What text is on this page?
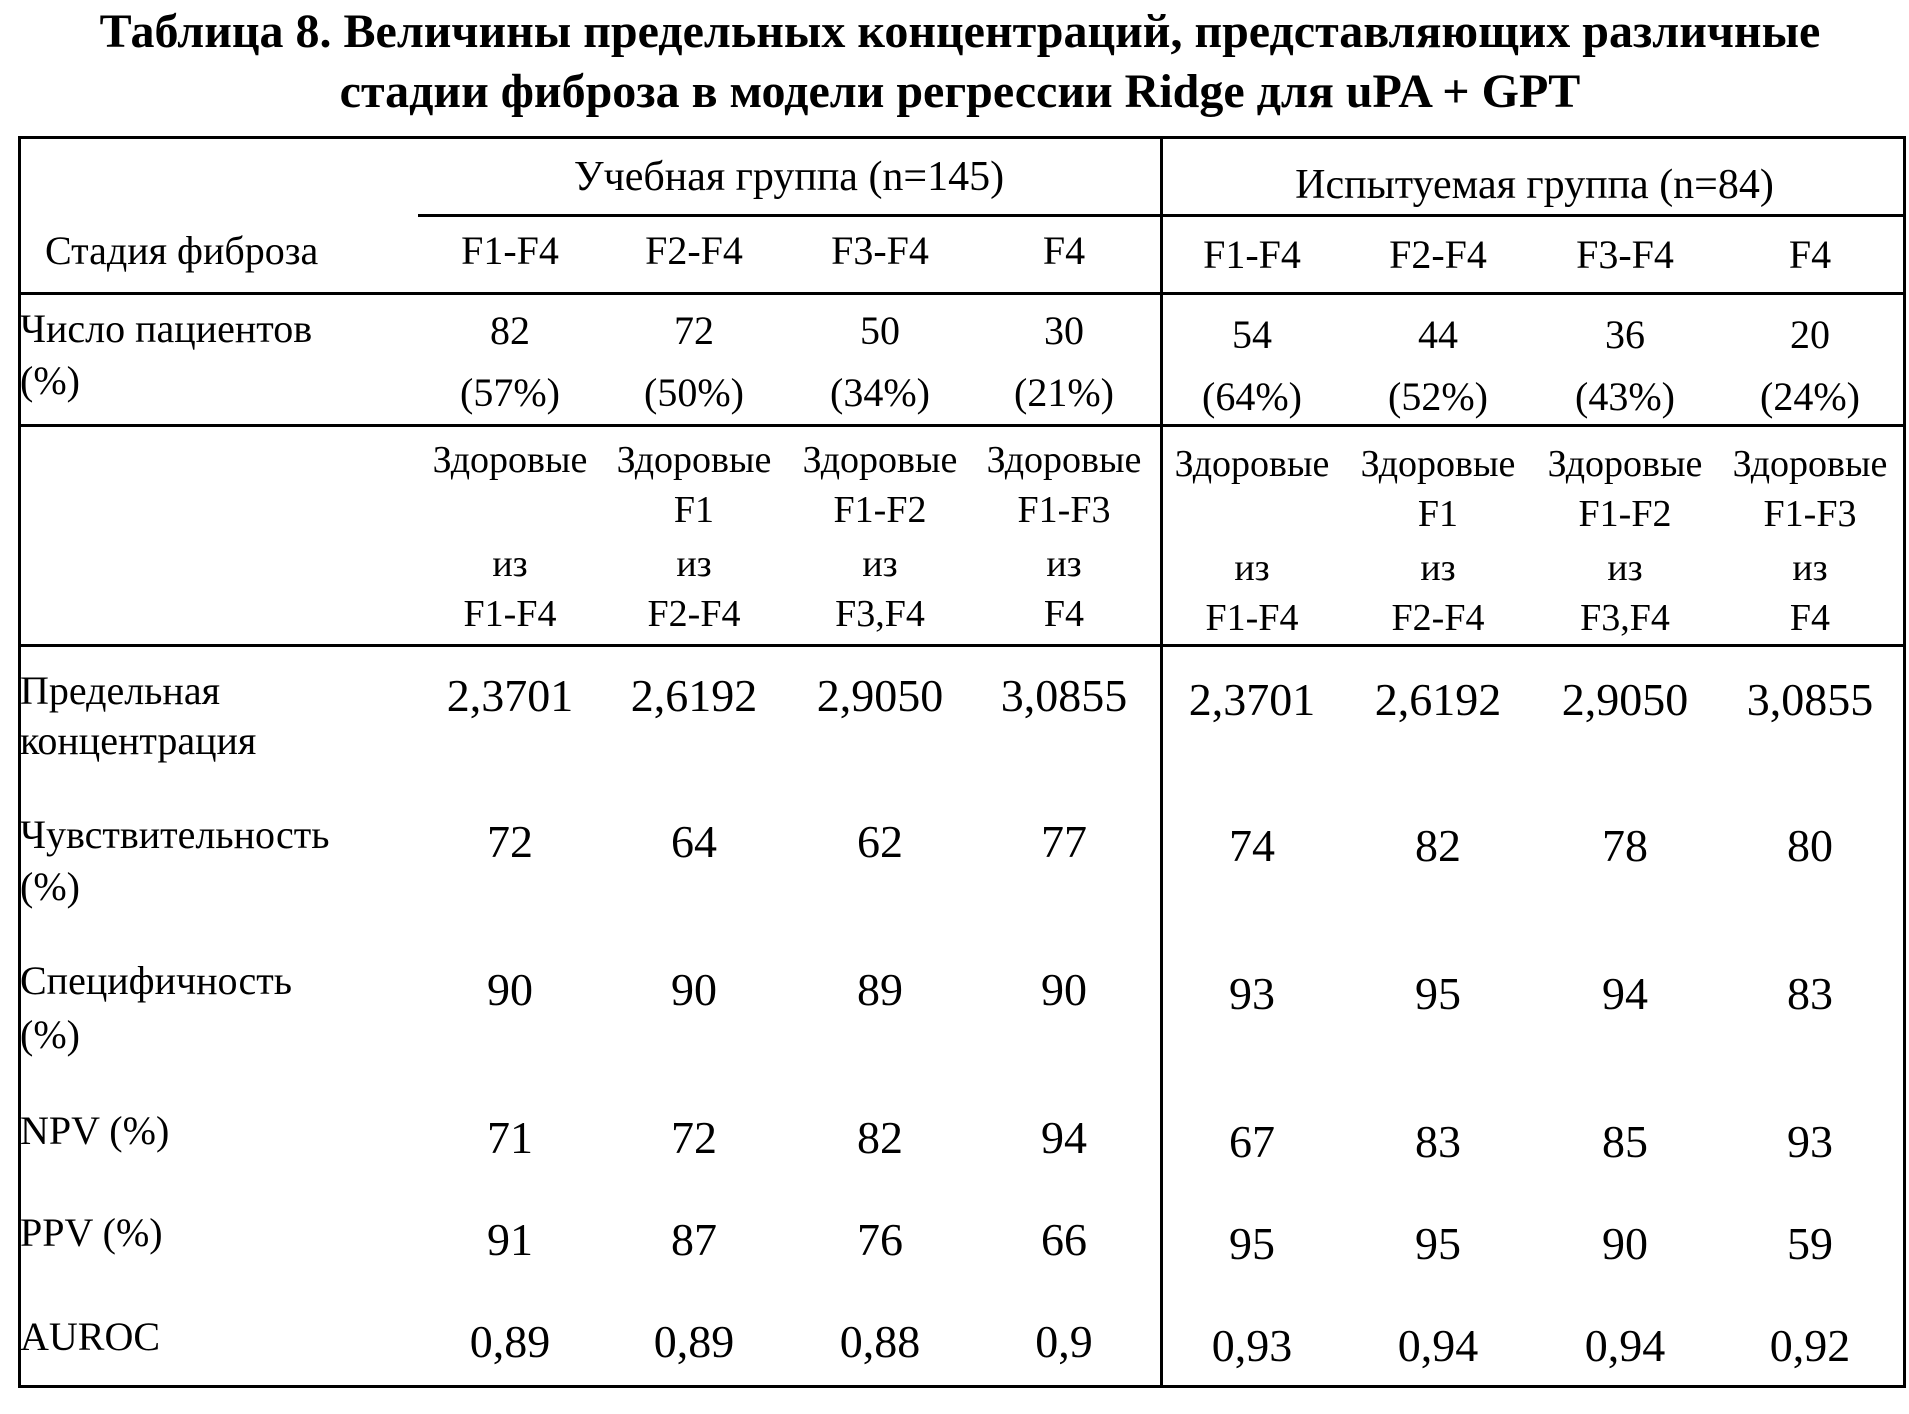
Таблица 8. Величины предельных концентраций, представляющих различные
стадии фиброза в модели регрессии Ridge для uPA + GPT
Учебная группа (n=145)	Испытуемая группа (n=84)
Стадия фиброза
Число пациентов
(%)
Предельная
концентрация
Чувствительность
(%)
Специфичность
(%)
NPV (%)
PPV (%)
AUROC
F1-F4
82
(57%)
Здоровые
из
F1-F4
2,3701
72
90
71
91
0,89
F2-F4
72
(50%)
Здоровые
F1
из
F2-F4
2,6192
64
90
72
87
0,89
F3-F4
50
(34%)
Здоровые
F1-F2
из
F3,F4
2,9050
62
89
82
76
0,88
F4
30
(21%)
Здоровые
F1-F3
из
F4
3,0855
77
90
94
66
0,9
F1-F4
54
(64%)
Здоровые
из
F1-F4
2,3701
74
93
67
95
0,93
F2-F4
44
(52%)
Здоровые
F1
из
F2-F4
2,6192
82
95
83
95
0,94
F3-F4
36
(43%)
Здоровые
F1-F2
из
F3,F4
2,9050
78
94
85
90
0,94
F4
20
(24%)
Здоровые
F1-F3
из
F4
3,0855
80
83
93
59
0,92
